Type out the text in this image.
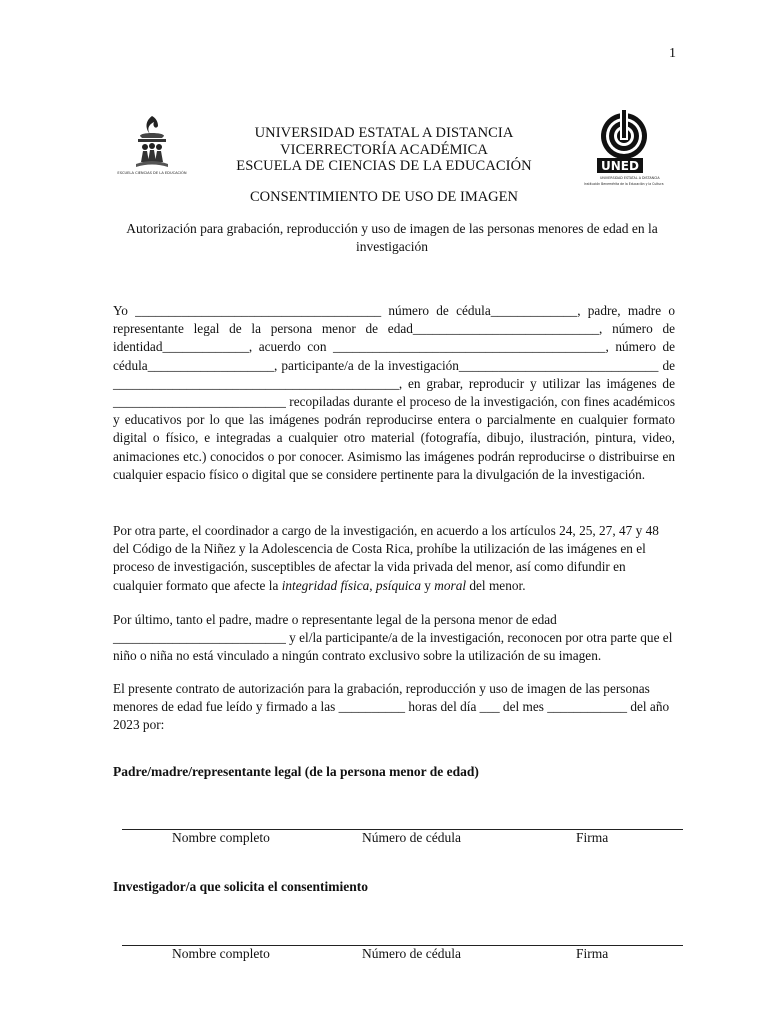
1
ESCUELA CIENCIAS DE LA EDUCACIÓN	UNED
UNIVERSIDAD ESTATAL A DISTANCIA
Institución Benemérita de la Educación y la Cultura
UNIVERSIDAD ESTATAL A DISTANCIA
VICERRECTORÍA ACADÉMICA
ESCUELA DE CIENCIAS DE LA EDUCACIÓN
CONSENTIMIENTO DE USO DE IMAGEN
Autorización para grabación, reproducción y uso de imagen de las personas menores de edad en la investigación

Yo _____________________________________ número de cédula_____________, padre, madre o representante legal de la persona menor de edad____________________________, número de identidad_____________, acuerdo con _________________________________________, número de cédula___________________, participante/a de la investigación______________________________ de ___________________________________________, en grabar, reproducir y utilizar las imágenes de __________________________ recopiladas durante el proceso de la investigación, con fines académicos y educativos por lo que las imágenes podrán reproducirse entera o parcialmente en cualquier formato digital o físico, e integradas a cualquier otro material (fotografía, dibujo, ilustración, pintura, video, animaciones etc.) conocidos o por conocer. Asimismo las imágenes podrán reproducirse o distribuirse en cualquier espacio físico o digital que se considere pertinente para la divulgación de la investigación.

Por otra parte, el coordinador a cargo de la investigación, en acuerdo a los artículos 24, 25, 27, 47 y 48 del Código de la Niñez y la Adolescencia de Costa Rica, prohíbe la utilización de las imágenes en el proceso de investigación, susceptibles de afectar la vida privada del menor, así como difundir en cualquier formato que afecte la integridad física, psíquica y moral del menor.

Por último, tanto el padre, madre o representante legal de la persona menor de edad
__________________________ y el/la participante/a de la investigación, reconocen por otra parte que el niño o niña no está vinculado a ningún contrato exclusivo sobre la utilización de su imagen.

El presente contrato de autorización para la grabación, reproducción y uso de imagen de las personas menores de edad fue leído y firmado a las __________ horas del día ___ del mes ____________ del año 2023 por:

Padre/madre/representante legal (de la persona menor de edad)

Nombre completo	Número de cédula	Firma

Investigador/a que solicita el consentimiento

Nombre completo	Número de cédula	Firma
